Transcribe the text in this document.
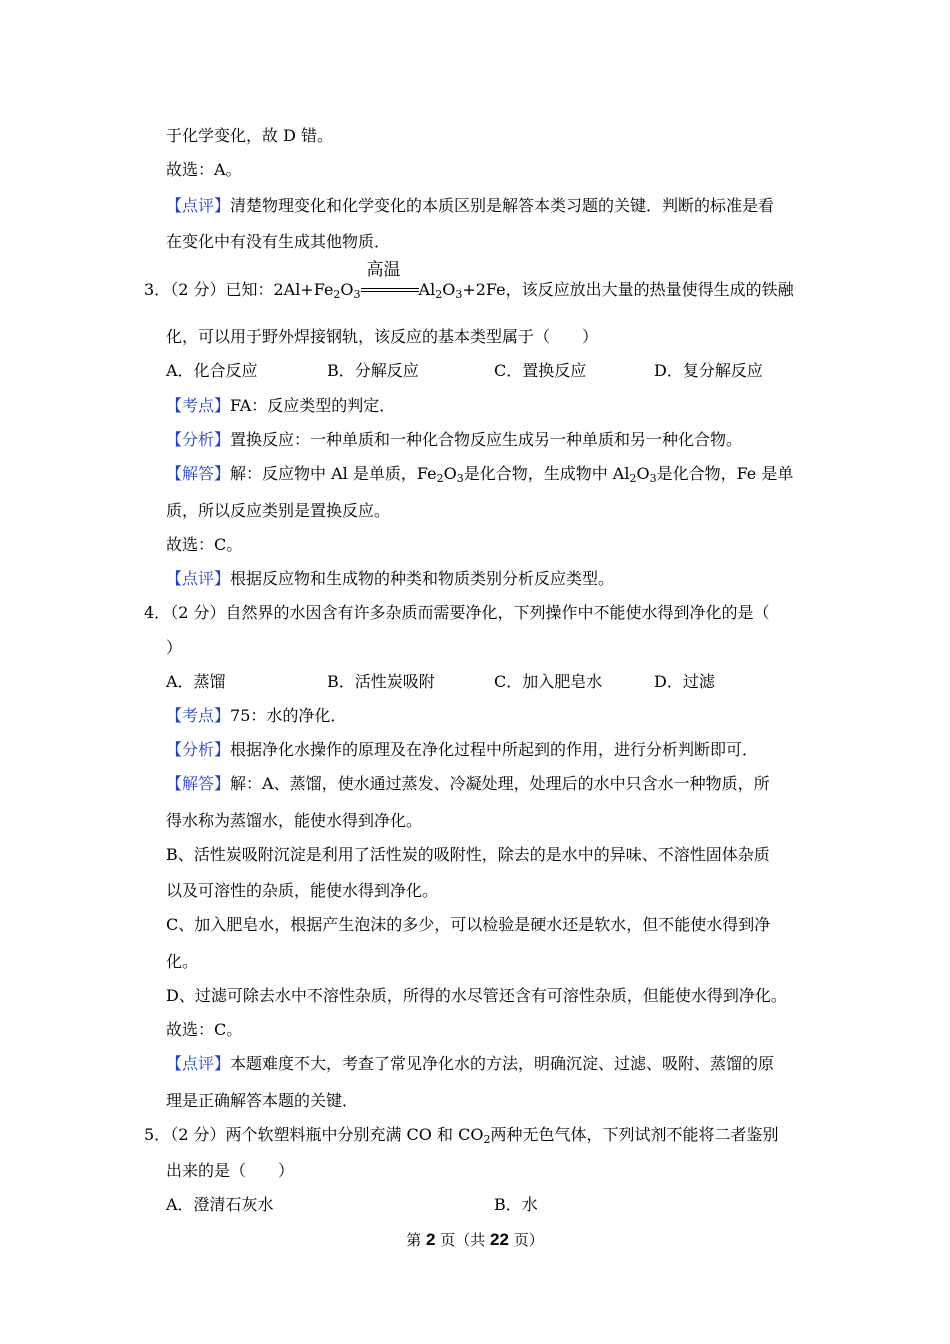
于化学变化，故 D 错。
故选：A。
【点评】清楚物理变化和化学变化的本质区别是解答本类习题的关键．判断的标准是看
在变化中有没有生成其他物质．
3．（2 分）已知：$2Al+Fe_2O_3$
高温
$Al_2O_3+2Fe$，该反应放出大量的热量使得生成的铁融
化，可以用于野外焊接钢轨，该反应的基本类型属于（　　）
A．化合反应	B．分解反应	C．置换反应	D．复分解反应
【考点】FA：反应类型的判定．
【分析】置换反应：一种单质和一种化合物反应生成另一种单质和另一种化合物。
【解答】解：反应物中 Al 是单质，$Fe_2O_3$是化合物，生成物中 $Al_2O_3$是化合物，Fe 是单
质，所以反应类别是置换反应。
故选：C。
【点评】根据反应物和生成物的种类和物质类别分析反应类型。
4．（2 分）自然界的水因含有许多杂质而需要净化，下列操作中不能使水得到净化的是（
）
A．蒸馏	B．活性炭吸附	C．加入肥皂水	D．过滤
【考点】75：水的净化．
【分析】根据净化水操作的原理及在净化过程中所起到的作用，进行分析判断即可．
【解答】解：A、蒸馏，使水通过蒸发、冷凝处理，处理后的水中只含水一种物质，所
得水称为蒸馏水，能使水得到净化。
B、活性炭吸附沉淀是利用了活性炭的吸附性，除去的是水中的异味、不溶性固体杂质
以及可溶性的杂质，能使水得到净化。
C、加入肥皂水，根据产生泡沫的多少，可以检验是硬水还是软水，但不能使水得到净
化。
D、过滤可除去水中不溶性杂质，所得的水尽管还含有可溶性杂质，但能使水得到净化。
故选：C。
【点评】本题难度不大，考查了常见净化水的方法，明确沉淀、过滤、吸附、蒸馏的原
理是正确解答本题的关键．
5．（2 分）两个软塑料瓶中分别充满 CO 和 $CO_2$两种无色气体，下列试剂不能将二者鉴别
出来的是（　　）
A．澄清石灰水	B．水
第 2 页（共 22 页）
